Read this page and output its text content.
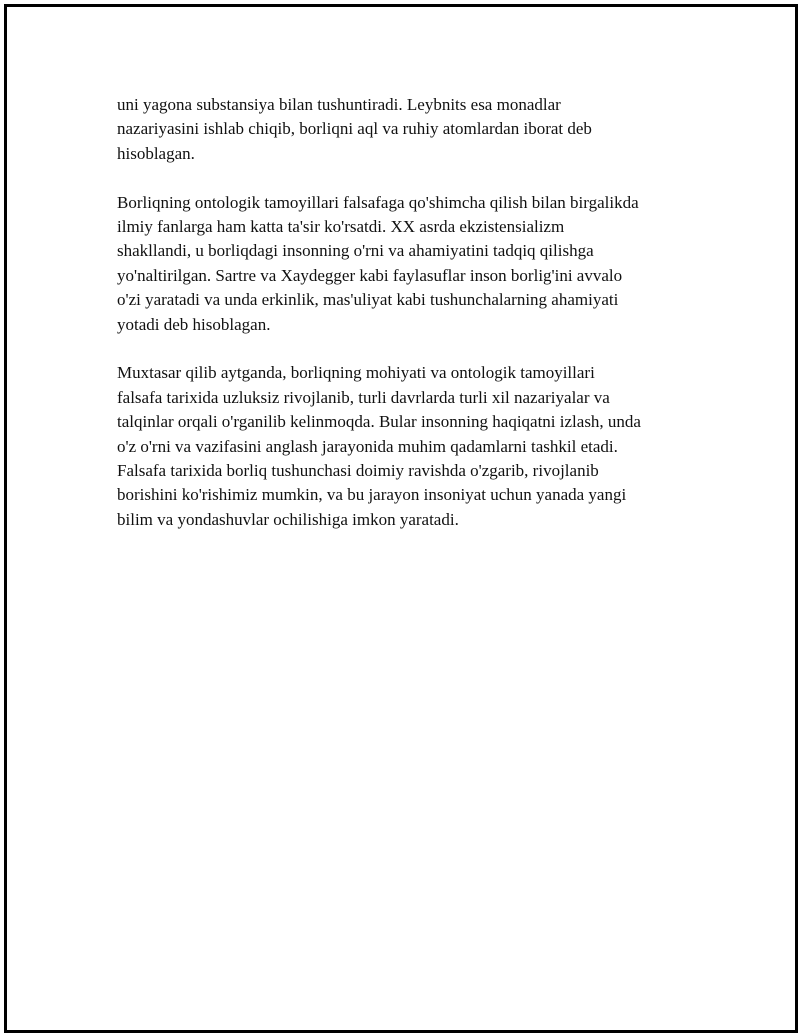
uni yagona substansiya bilan tushuntiradi. Leybnits esa monadlar
nazariyasini ishlab chiqib, borliqni aql va ruhiy atomlardan iborat deb
hisoblagan.

Borliqning ontologik tamoyillari falsafaga qo'shimcha qilish bilan birgalikda
ilmiy fanlarga ham katta ta'sir ko'rsatdi. XX asrda ekzistensializm
shakllandi, u borliqdagi insonning o'rni va ahamiyatini tadqiq qilishga
yo'naltirilgan. Sartre va Xaydegger kabi faylasuflar inson borlig'ini avvalo
o'zi yaratadi va unda erkinlik, mas'uliyat kabi tushunchalarning ahamiyati
yotadi deb hisoblagan.

Muxtasar qilib aytganda, borliqning mohiyati va ontologik tamoyillari
falsafa tarixida uzluksiz rivojlanib, turli davrlarda turli xil nazariyalar va
talqinlar orqali o'rganilib kelinmoqda. Bular insonning haqiqatni izlash, unda
o'z o'rni va vazifasini anglash jarayonida muhim qadamlarni tashkil etadi.
Falsafa tarixida borliq tushunchasi doimiy ravishda o'zgarib, rivojlanib
borishini ko'rishimiz mumkin, va bu jarayon insoniyat uchun yanada yangi
bilim va yondashuvlar ochilishiga imkon yaratadi.
